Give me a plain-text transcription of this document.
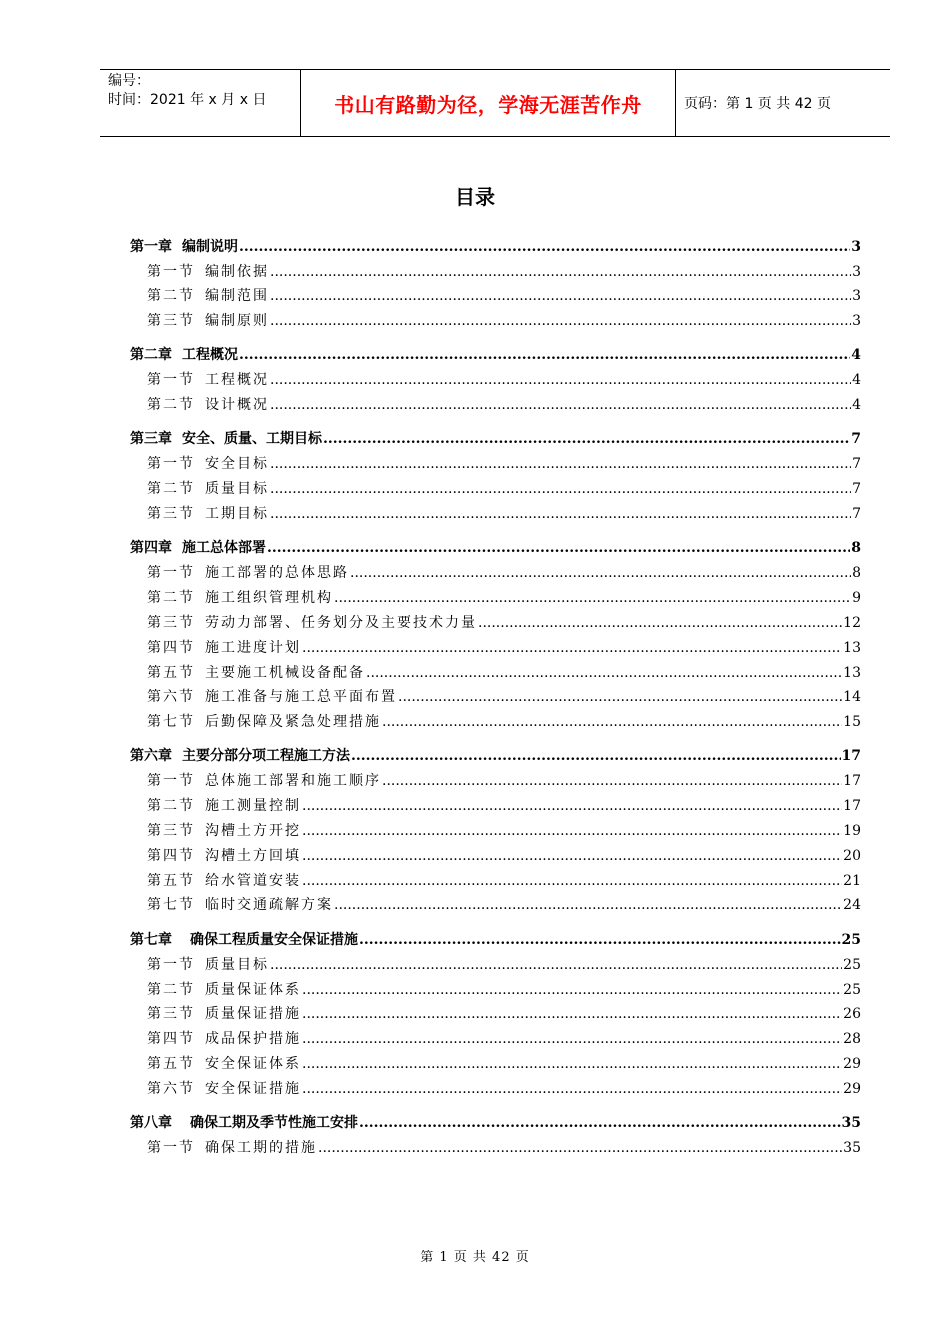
编号：
时间：2021 年 x 月 x 日	书山有路勤为径，学海无涯苦作舟	页码：第 1 页 共 42 页
目录
第一章 编制说明 .....	3
第一节 编制依据 .....	3
第二节 编制范围 .....	3
第三节 编制原则 .....	3
第二章 工程概况 .....	4
第一节 工程概况 .....	4
第二节 设计概况 .....	4
第三章 安全、质量、工期目标 .....	7
第一节 安全目标 .....	7
第二节 质量目标 .....	7
第三节 工期目标 .....	7
第四章 施工总体部署 .....	8
第一节 施工部署的总体思路 .....	8
第二节 施工组织管理机构 .....	9
第三节 劳动力部署、任务划分及主要技术力量 .....	12
第四节 施工进度计划 .....	13
第五节 主要施工机械设备配备 .....	13
第六节 施工准备与施工总平面布置 .....	14
第七节 后勤保障及紧急处理措施 .....	15
第六章 主要分部分项工程施工方法 .....	17
第一节 总体施工部署和施工顺序 .....	17
第二节 施工测量控制 .....	17
第三节 沟槽土方开挖 .....	19
第四节 沟槽土方回填 .....	20
第五节 给水管道安装 .....	21
第七节 临时交通疏解方案 .....	24
第七章 确保工程质量安全保证措施 .....	25
第一节 质量目标 .....	25
第二节 质量保证体系 .....	25
第三节 质量保证措施 .....	26
第四节 成品保护措施 .....	28
第五节 安全保证体系 .....	29
第六节 安全保证措施 .....	29
第八章 确保工期及季节性施工安排 .....	35
第一节 确保工期的措施 .....	35
第 1 页 共 42 页
